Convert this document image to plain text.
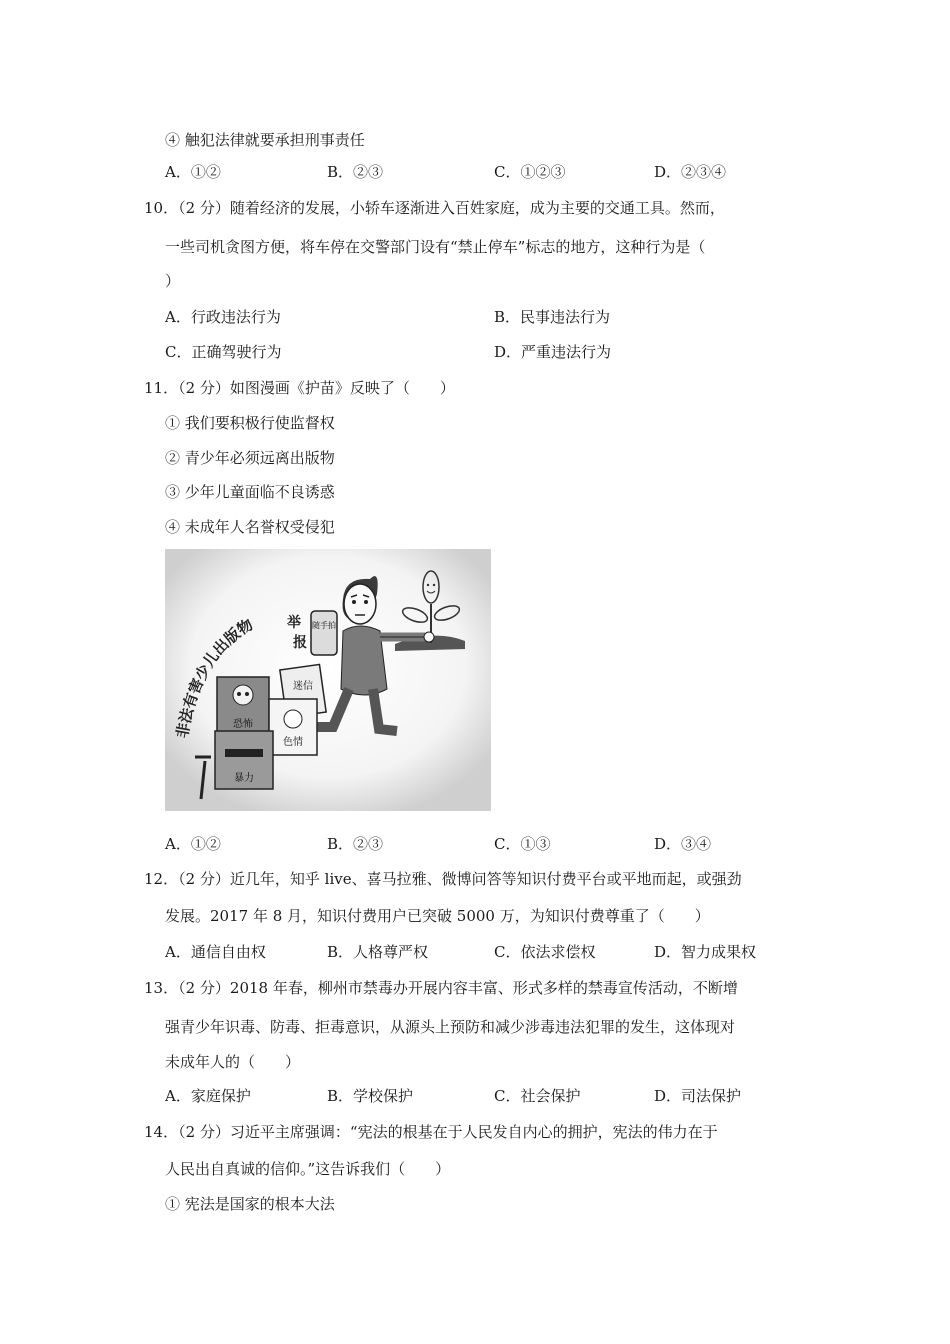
④ 触犯法律就要承担刑事责任
A．①②	B．②③	C．①②③	D．②③④
10．（2 分）随着经济的发展，小轿车逐渐进入百姓家庭，成为主要的交通工具。然而，
一些司机贪图方便，将车停在交警部门设有“禁止停车”标志的地方，这种行为是（
）
A．行政违法行为	B．民事违法行为
C．正确驾驶行为	D．严重违法行为
11．（2 分）如图漫画《护苗》反映了（　　）
① 我们要积极行使监督权
② 青少年必须远离出版物
③ 少年儿童面临不良诱惑
④ 未成年人名誉权受侵犯
非法有害少儿出版物	随手拍
举
报
迷信
恐怖
色情
暴力
A．①②	B．②③	C．①③	D．③④
12．（2 分）近几年，知乎 live、喜马拉雅、微博问答等知识付费平台或平地而起，或强劲
发展。2017 年 8 月，知识付费用户已突破 5000 万，为知识付费尊重了（　　）
A．通信自由权	B．人格尊严权	C．依法求偿权	D．智力成果权
13．（2 分）2018 年春，柳州市禁毒办开展内容丰富、形式多样的禁毒宣传活动，不断增
强青少年识毒、防毒、拒毒意识，从源头上预防和减少涉毒违法犯罪的发生，这体现对
未成年人的（　　）
A．家庭保护	B．学校保护	C．社会保护	D．司法保护
14．（2 分）习近平主席强调：“宪法的根基在于人民发自内心的拥护，宪法的伟力在于
人民出自真诚的信仰。”这告诉我们（　　）
① 宪法是国家的根本大法
